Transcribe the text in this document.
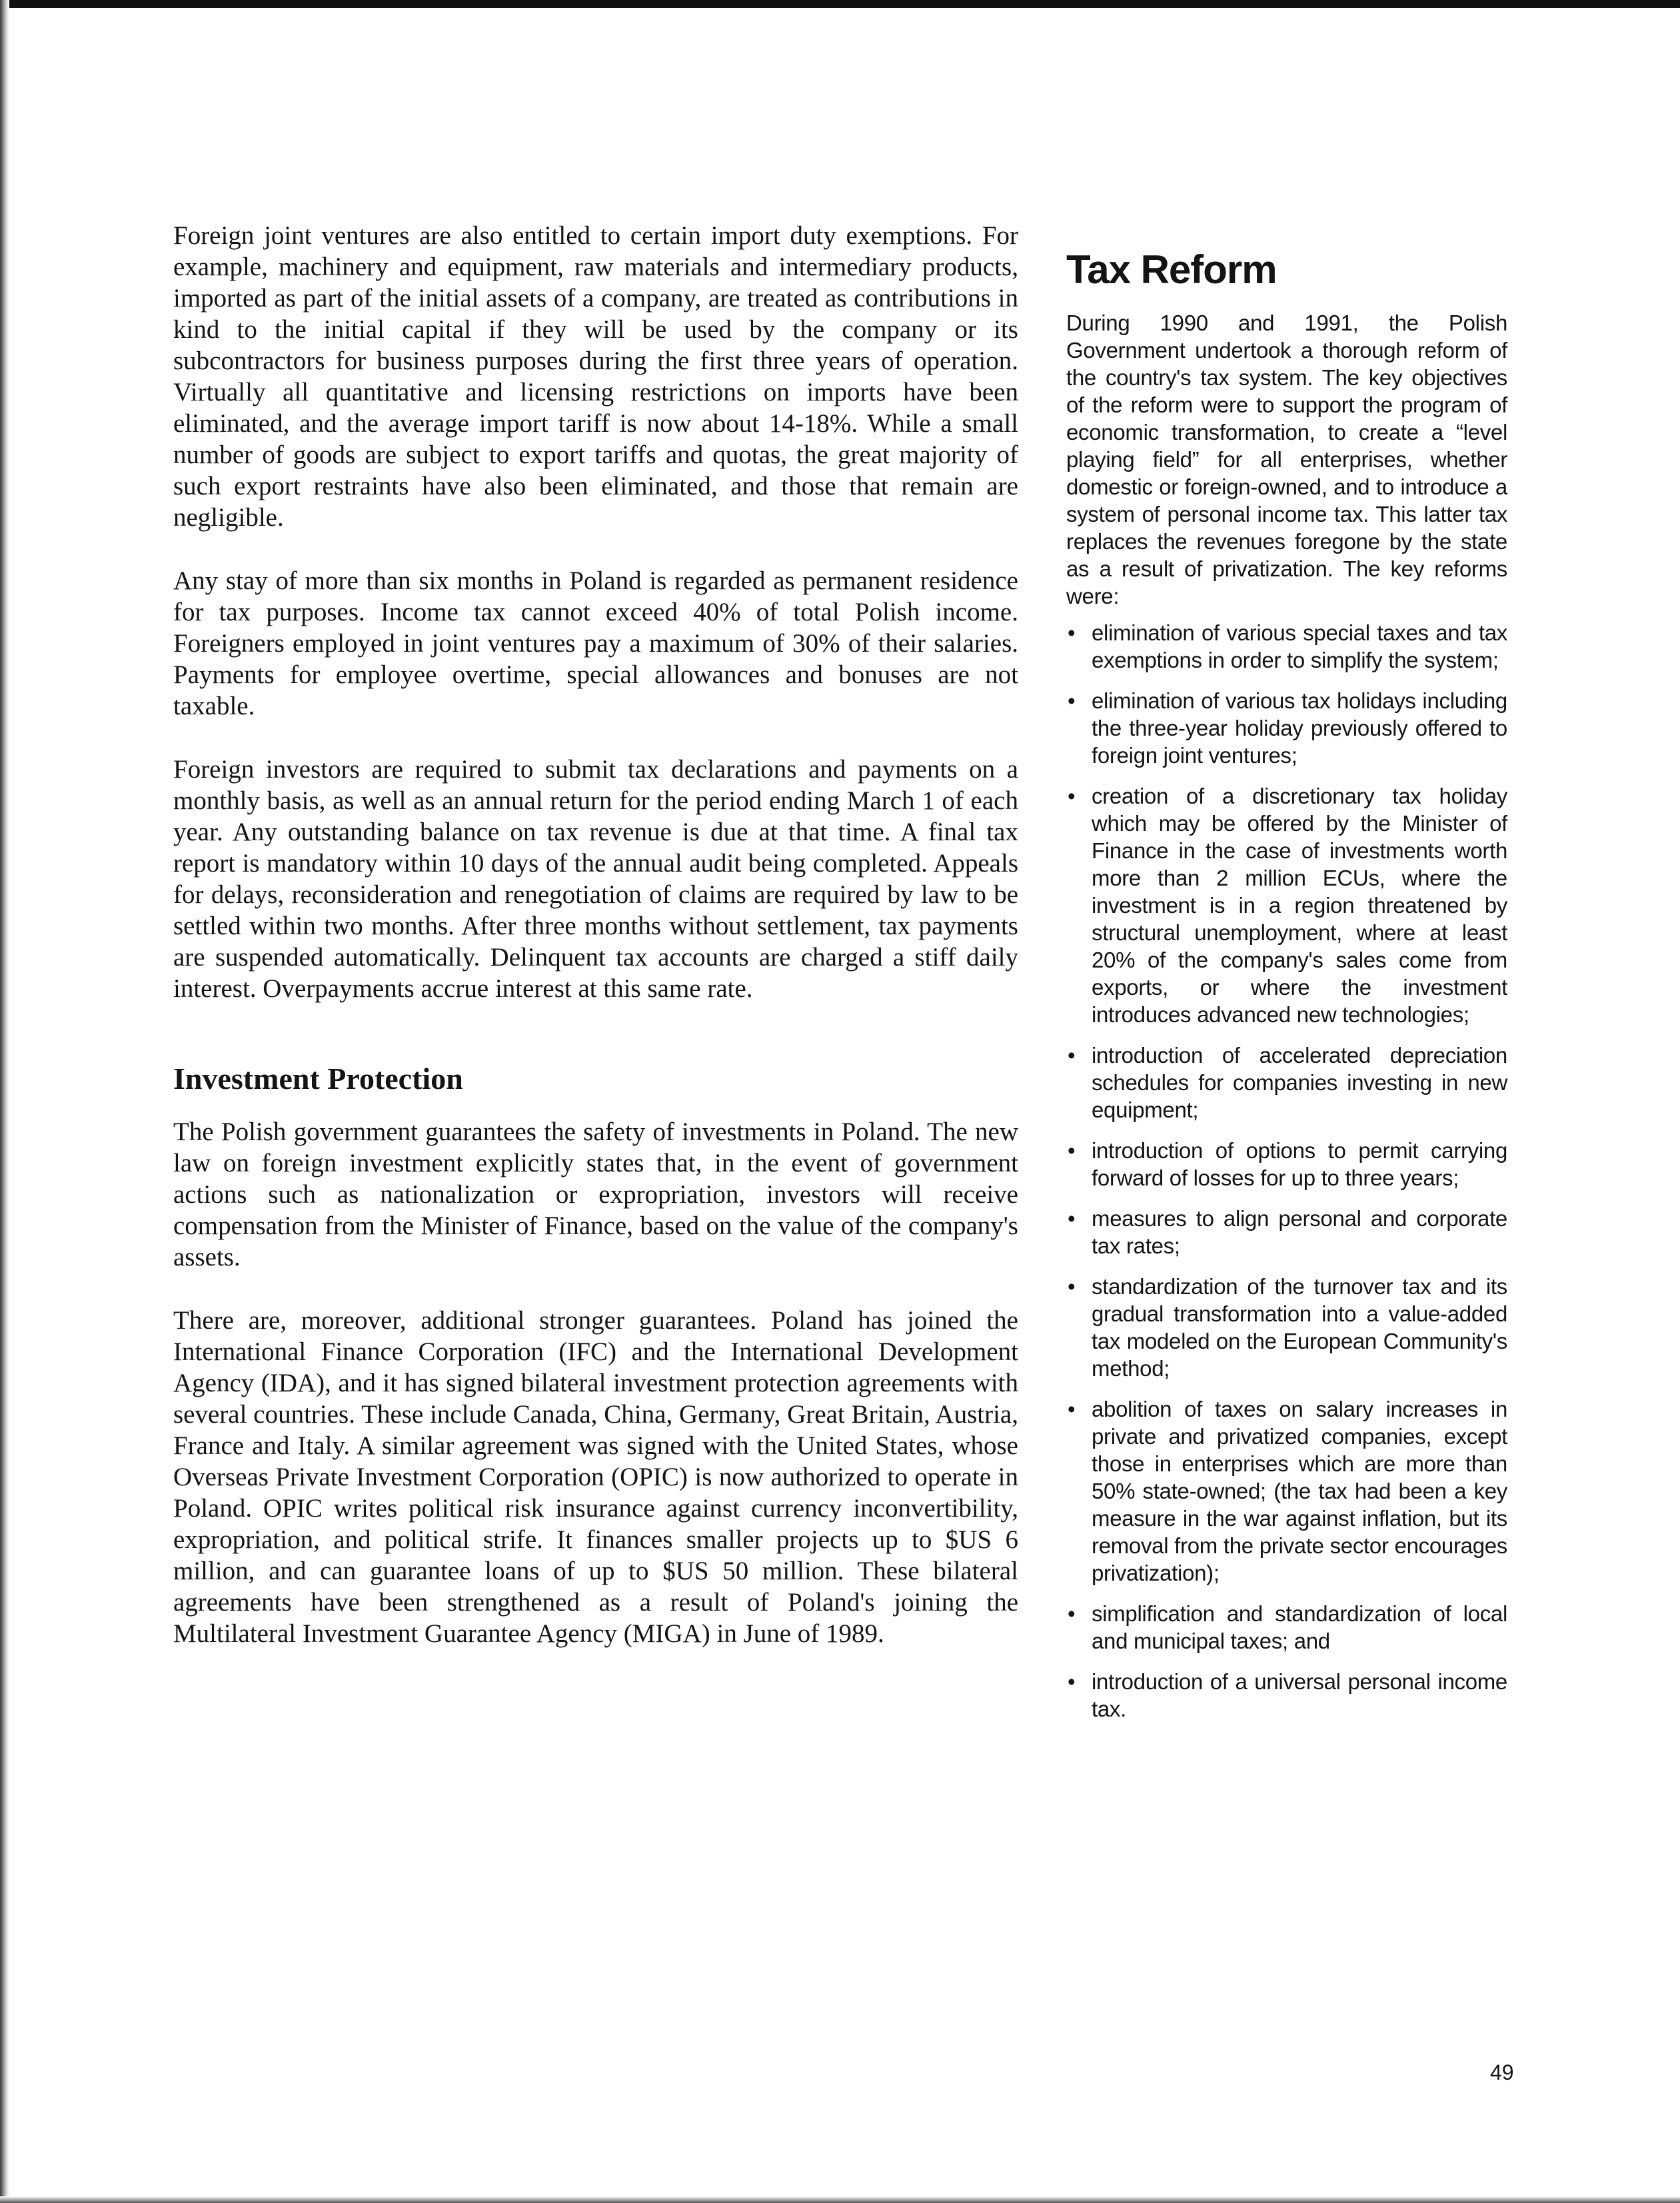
Foreign joint ventures are also entitled to certain import duty exemptions. For example, machinery and equipment, raw materials and intermediary products, imported as part of the initial assets of a company, are treated as contributions in kind to the initial capital if they will be used by the company or its subcontractors for business purposes during the first three years of operation. Virtually all quantitative and licensing restrictions on imports have been eliminated, and the average import tariff is now about 14-18%. While a small number of goods are subject to export tariffs and quotas, the great majority of such export restraints have also been eliminated, and those that remain are negligible.

Any stay of more than six months in Poland is regarded as permanent residence for tax purposes. Income tax cannot exceed 40% of total Polish income. Foreigners employed in joint ventures pay a maximum of 30% of their salaries. Payments for employee overtime, special allowances and bonuses are not taxable.

Foreign investors are required to submit tax declarations and payments on a monthly basis, as well as an annual return for the period ending March 1 of each year. Any outstanding balance on tax revenue is due at that time. A final tax report is mandatory within 10 days of the annual audit being completed. Appeals for delays, reconsideration and renegotiation of claims are required by law to be settled within two months. After three months without settlement, tax payments are suspended automatically. Delinquent tax accounts are charged a stiff daily interest. Overpayments accrue interest at this same rate.

Investment Protection

The Polish government guarantees the safety of investments in Poland. The new law on foreign investment explicitly states that, in the event of government actions such as nationalization or expropriation, investors will receive compensation from the Minister of Finance, based on the value of the company's assets.

There are, moreover, additional stronger guarantees. Poland has joined the International Finance Corporation (IFC) and the International Development Agency (IDA), and it has signed bilateral investment protection agreements with several countries. These include Canada, China, Germany, Great Britain, Austria, France and Italy. A similar agreement was signed with the United States, whose Overseas Private Investment Corporation (OPIC) is now authorized to operate in Poland. OPIC writes political risk insurance against currency inconvertibility, expropriation, and political strife. It finances smaller projects up to $US 6 million, and can guarantee loans of up to $US 50 million. These bilateral agreements have been strengthened as a result of Poland's joining the Multilateral Investment Guarantee Agency (MIGA) in June of 1989.

Tax Reform

During 1990 and 1991, the Polish Government undertook a thorough reform of the country's tax system. The key objectives of the reform were to support the program of economic transformation, to create a “level playing field” for all enterprises, whether domestic or foreign-owned, and to introduce a system of personal income tax. This latter tax replaces the revenues foregone by the state as a result of privatization. The key reforms were:

• elimination of various special taxes and tax exemptions in order to simplify the system;
• elimination of various tax holidays including the three-year holiday previously offered to foreign joint ventures;
• creation of a discretionary tax holiday which may be offered by the Minister of Finance in the case of investments worth more than 2 million ECUs, where the investment is in a region threatened by structural unemployment, where at least 20% of the company's sales come from exports, or where the investment introduces advanced new technologies;
• introduction of accelerated depreciation schedules for companies investing in new equipment;
• introduction of options to permit carrying forward of losses for up to three years;
• measures to align personal and corporate tax rates;
• standardization of the turnover tax and its gradual transformation into a value-added tax modeled on the European Community's method;
• abolition of taxes on salary increases in private and privatized companies, except those in enterprises which are more than 50% state-owned; (the tax had been a key measure in the war against inflation, but its removal from the private sector encourages privatization);
• simplification and standardization of local and municipal taxes; and
• introduction of a universal personal income tax.
49
